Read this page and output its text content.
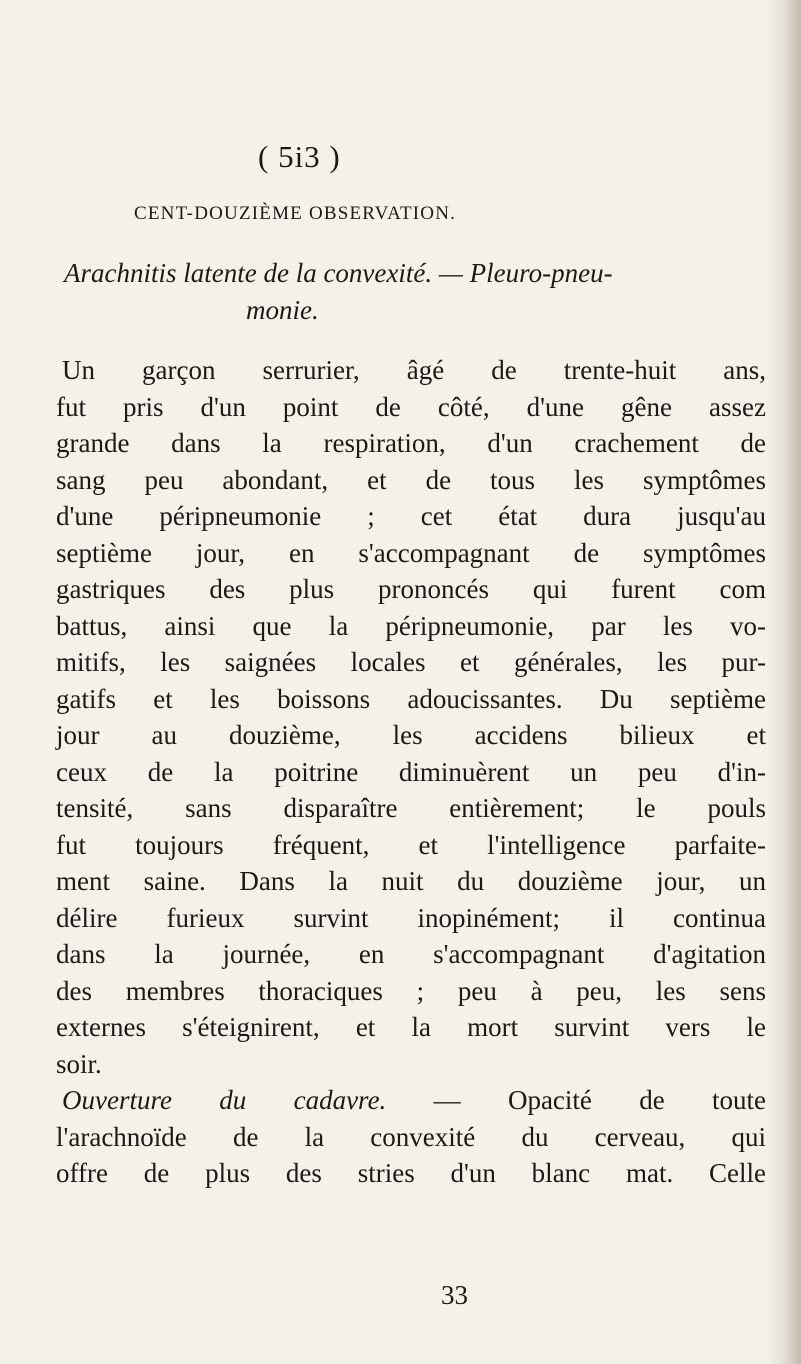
( 5i3 )
CENT-DOUZIÈME OBSERVATION.
Arachnitis latente de la convexité. — Pleuro-pneu-
monie.
Un garçon serrurier, âgé de trente-huit ans,
fut pris d'un point de côté, d'une gêne assez
grande dans la respiration, d'un crachement de
sang peu abondant, et de tous les symptômes
d'une péripneumonie ; cet état dura jusqu'au
septième jour, en s'accompagnant de symptômes
gastriques des plus prononcés qui furent com
battus, ainsi que la péripneumonie, par les vo-
mitifs, les saignées locales et générales, les pur-
gatifs et les boissons adoucissantes. Du septième
jour au douzième, les accidens bilieux et
ceux de la poitrine diminuèrent un peu d'in-
tensité, sans disparaître entièrement; le pouls
fut toujours fréquent, et l'intelligence parfaite-
ment saine. Dans la nuit du douzième jour, un
délire furieux survint inopinément; il continua
dans la journée, en s'accompagnant d'agitation
des membres thoraciques ; peu à peu, les sens
externes s'éteignirent, et la mort survint vers le
soir.
Ouverture du cadavre. — Opacité de toute
l'arachnoïde de la convexité du cerveau, qui
offre de plus des stries d'un blanc mat. Celle
33
